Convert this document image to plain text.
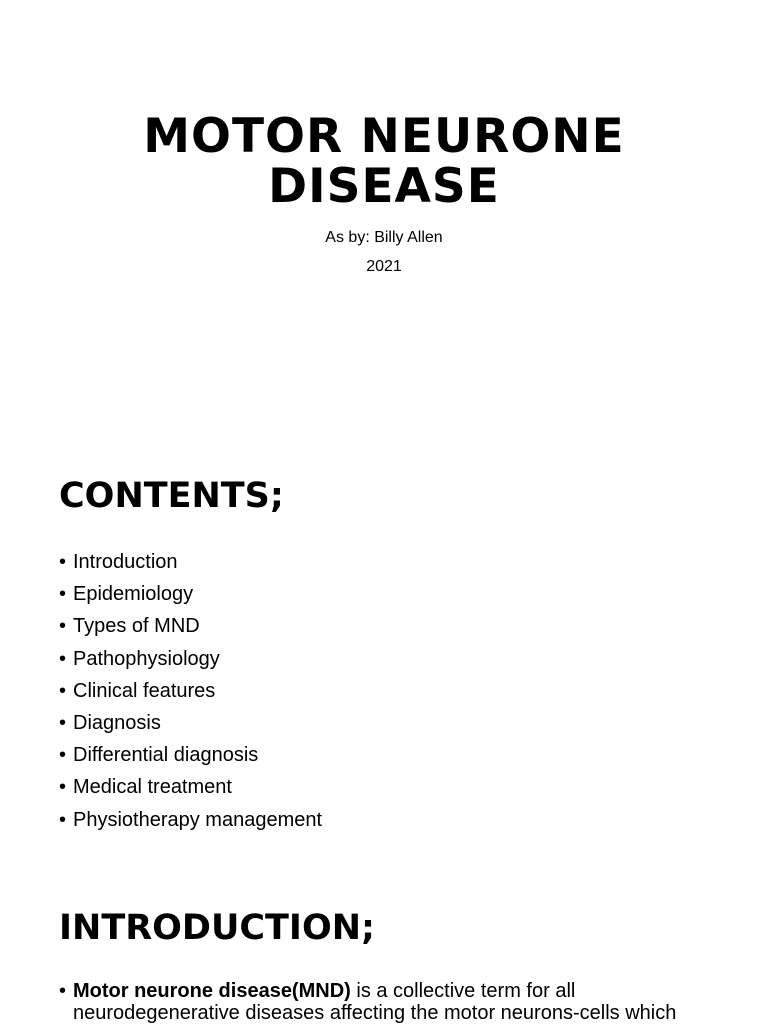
MOTOR NEURONE
DISEASE
As by: Billy Allen
2021
CONTENTS;
• Introduction
• Epidemiology
• Types of MND
• Pathophysiology
• Clinical features
• Diagnosis
• Differential diagnosis
• Medical treatment
• Physiotherapy management
INTRODUCTION;
• Motor neurone disease(MND) is a collective term for all neurodegenerative diseases affecting the motor neurons-cells which
